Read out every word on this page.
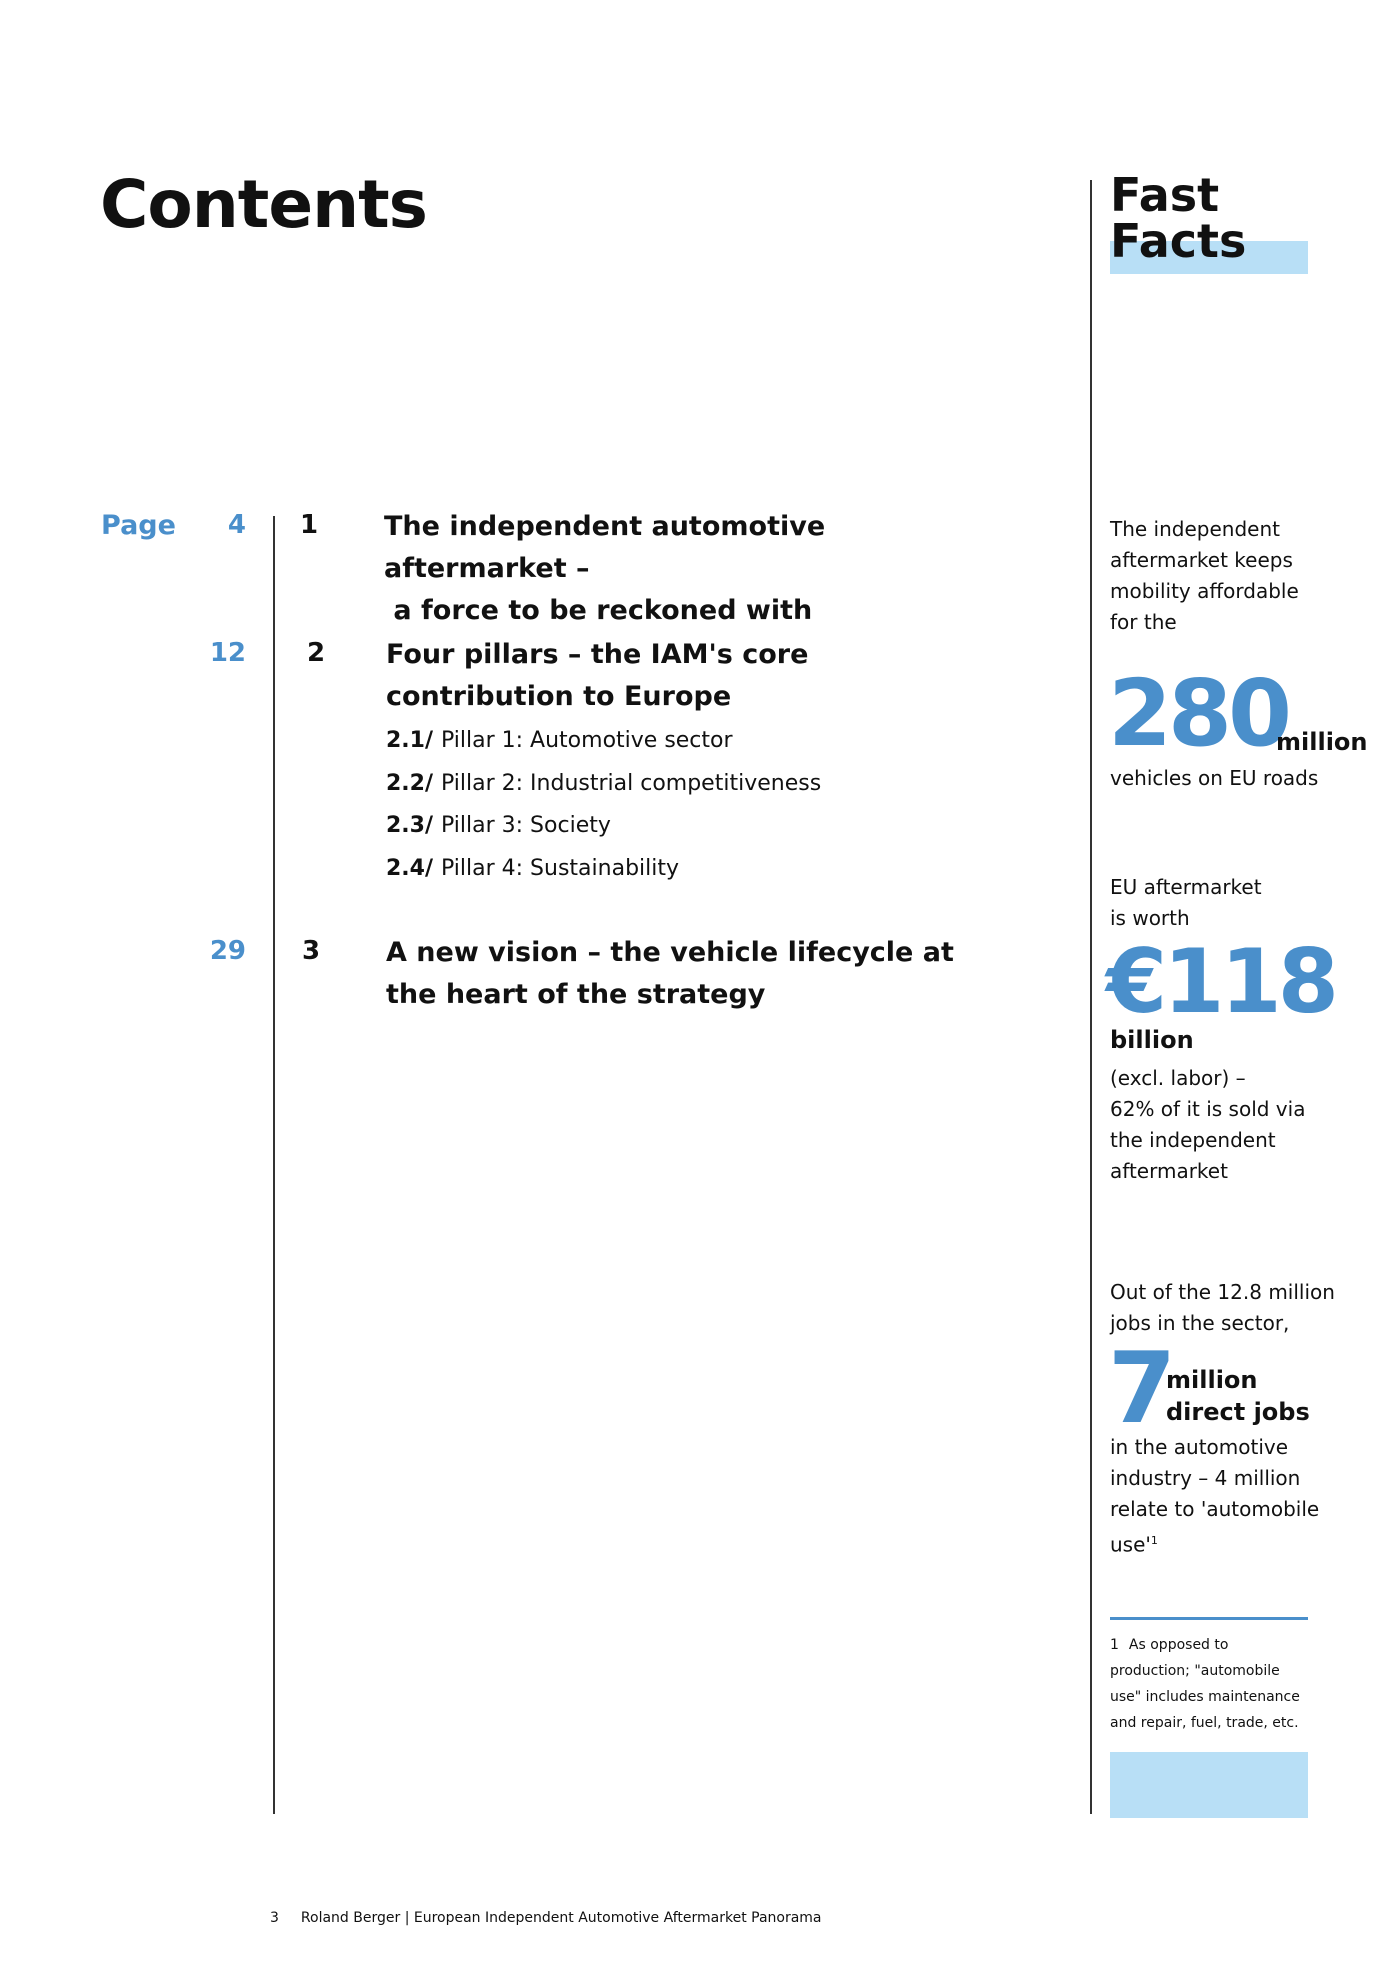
Contents
Page	4 1 The independent automotive aftermarket –
a force to be reckoned with
12 2 Four pillars – the IAM's core
contribution to Europe
2.1/ Pillar 1: Automotive sector
2.2/ Pillar 2: Industrial competitiveness
2.3/ Pillar 3: Society
2.4/ Pillar 4: Sustainability
29 3 A new vision – the vehicle lifecycle at
the heart of the strategy
Fast
Facts
The independent
aftermarket keeps
mobility affordable
for the
280
million
vehicles on EU roads
EU aftermarket
is worth
€118
billion
(excl. labor) –
62% of it is sold via
the independent
aftermarket
Out of the 12.8 million
jobs in the sector,
7
million
direct jobs
in the automotive
industry – 4 million
relate to 'automobile
$use'^1$
1 As opposed to
production; "automobile
use" includes maintenance
and repair, fuel, trade, etc.
3 Roland Berger | European Independent Automotive Aftermarket Panorama
